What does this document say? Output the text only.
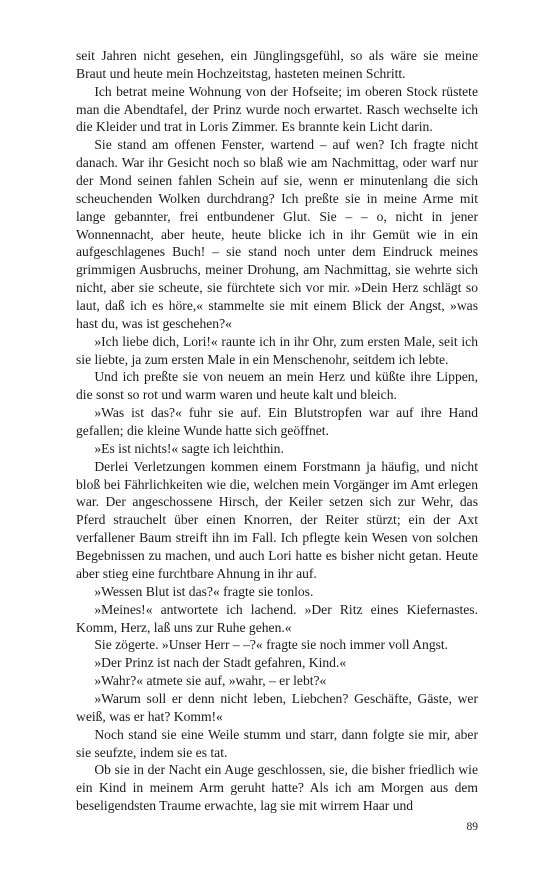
seit Jahren nicht gesehen, ein Jünglingsgefühl, so als wäre sie meine Braut und heute mein Hochzeitstag, hasteten meinen Schritt.

Ich betrat meine Wohnung von der Hofseite; im oberen Stock rüstete man die Abendtafel, der Prinz wurde noch erwartet. Rasch wechselte ich die Kleider und trat in Loris Zimmer. Es brannte kein Licht darin.

Sie stand am offenen Fenster, wartend – auf wen? Ich fragte nicht danach. War ihr Gesicht noch so blaß wie am Nachmittag, oder warf nur der Mond seinen fahlen Schein auf sie, wenn er minutenlang die sich scheuchenden Wolken durchdrang? Ich preßte sie in meine Arme mit lange gebannter, frei entbundener Glut. Sie – – o, nicht in jener Wonnennacht, aber heute, heute blicke ich in ihr Gemüt wie in ein aufgeschlagenes Buch! – sie stand noch unter dem Eindruck meines grimmigen Ausbruchs, meiner Drohung, am Nachmittag, sie wehrte sich nicht, aber sie scheute, sie fürchtete sich vor mir. »Dein Herz schlägt so laut, daß ich es höre,« stammelte sie mit einem Blick der Angst, »was hast du, was ist geschehen?«

»Ich liebe dich, Lori!« raunte ich in ihr Ohr, zum ersten Male, seit ich sie liebte, ja zum ersten Male in ein Menschenohr, seitdem ich lebte.

Und ich preßte sie von neuem an mein Herz und küßte ihre Lippen, die sonst so rot und warm waren und heute kalt und bleich.

»Was ist das?« fuhr sie auf. Ein Blutstropfen war auf ihre Hand gefallen; die kleine Wunde hatte sich geöffnet.

»Es ist nichts!« sagte ich leichthin.

Derlei Verletzungen kommen einem Forstmann ja häufig, und nicht bloß bei Fährlichkeiten wie die, welchen mein Vorgänger im Amt erlegen war. Der angeschossene Hirsch, der Keiler setzen sich zur Wehr, das Pferd strauchelt über einen Knorren, der Reiter stürzt; ein der Axt verfallener Baum streift ihn im Fall. Ich pflegte kein Wesen von solchen Begebnissen zu machen, und auch Lori hatte es bisher nicht getan. Heute aber stieg eine furchtbare Ahnung in ihr auf.

»Wessen Blut ist das?« fragte sie tonlos.

»Meines!« antwortete ich lachend. »Der Ritz eines Kiefernastes. Komm, Herz, laß uns zur Ruhe gehen.«

Sie zögerte. »Unser Herr – –?« fragte sie noch immer voll Angst.

»Der Prinz ist nach der Stadt gefahren, Kind.«

»Wahr?« atmete sie auf, »wahr, – er lebt?«

»Warum soll er denn nicht leben, Liebchen? Geschäfte, Gäste, wer weiß, was er hat? Komm!«

Noch stand sie eine Weile stumm und starr, dann folgte sie mir, aber sie seufzte, indem sie es tat.

Ob sie in der Nacht ein Auge geschlossen, sie, die bisher friedlich wie ein Kind in meinem Arm geruht hatte? Als ich am Morgen aus dem beseligendsten Traume erwachte, lag sie mit wirrem Haar und

89
